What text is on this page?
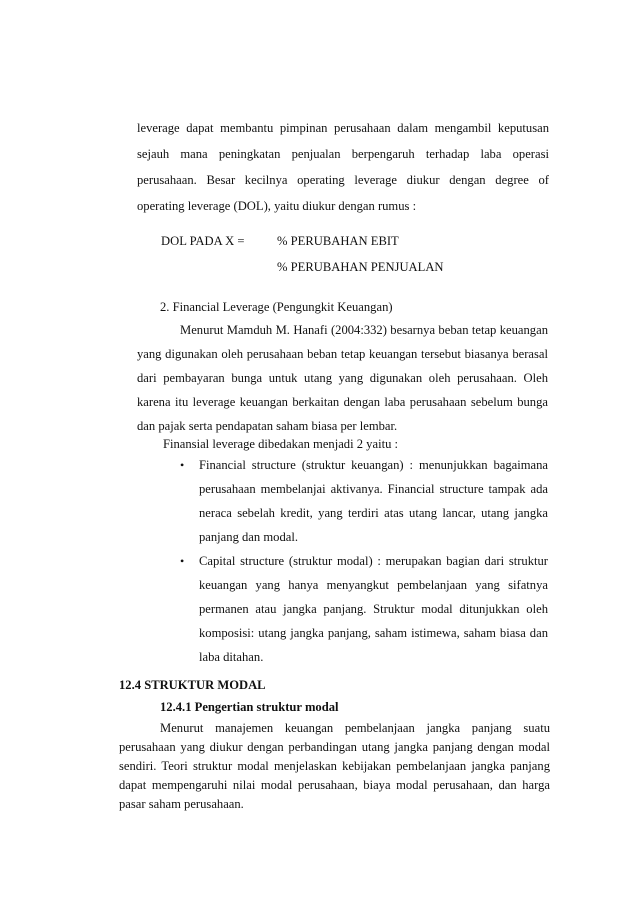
leverage dapat membantu pimpinan perusahaan dalam mengambil keputusan
sejauh mana peningkatan penjualan berpengaruh terhadap laba operasi
perusahaan. Besar kecilnya operating leverage diukur dengan degree of
operating leverage (DOL), yaitu diukur dengan rumus :
DOL PADA X =	% PERUBAHAN EBIT
% PERUBAHAN PENJUALAN
2. Financial Leverage (Pengungkit Keuangan)
Menurut Mamduh M. Hanafi (2004:332) besarnya beban tetap keuangan
yang digunakan oleh perusahaan beban tetap keuangan tersebut biasanya berasal
dari pembayaran bunga untuk utang yang digunakan oleh perusahaan. Oleh
karena itu leverage keuangan berkaitan dengan laba perusahaan sebelum bunga
dan pajak serta pendapatan saham biasa per lembar.
Finansial leverage dibedakan menjadi 2 yaitu :
• Financial structure (struktur keuangan) : menunjukkan bagaimana
perusahaan membelanjai aktivanya. Financial structure tampak ada
neraca sebelah kredit, yang terdiri atas utang lancar, utang jangka
panjang dan modal.
• Capital structure (struktur modal) : merupakan bagian dari struktur
keuangan yang hanya menyangkut pembelanjaan yang sifatnya
permanen atau jangka panjang. Struktur modal ditunjukkan oleh
komposisi: utang jangka panjang, saham istimewa, saham biasa dan
laba ditahan.
12.4 STRUKTUR MODAL
12.4.1 Pengertian struktur modal
Menurut manajemen keuangan pembelanjaan jangka panjang suatu
perusahaan yang diukur dengan perbandingan utang jangka panjang dengan modal
sendiri. Teori struktur modal menjelaskan kebijakan pembelanjaan jangka panjang
dapat mempengaruhi nilai modal perusahaan, biaya modal perusahaan, dan harga
pasar saham perusahaan.
